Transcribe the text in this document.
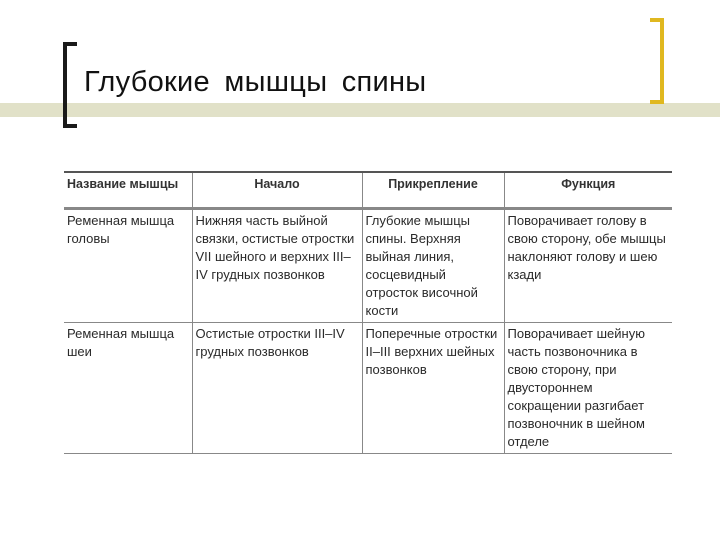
Глубокие мышцы спины
Название мышцы	Начало	Прикрепление	Функция
Ременная мышца головы	Нижняя часть выйной связки, остистые отростки VII шейного и верхних III–IV грудных позвонков	Глубокие мышцы спины. Верхняя выйная линия, сосцевидный отросток височной кости	Поворачивает голову в свою сторону, обе мышцы наклоняют голову и шею кзади
Ременная мышца шеи	Остистые отростки III–IV грудных позвонков	Поперечные отростки II–III верхних шейных позвонков	Поворачивает шейную часть позвоночника в свою сторону, при двустороннем сокращении разгибает позвоночник в шейном отделе
